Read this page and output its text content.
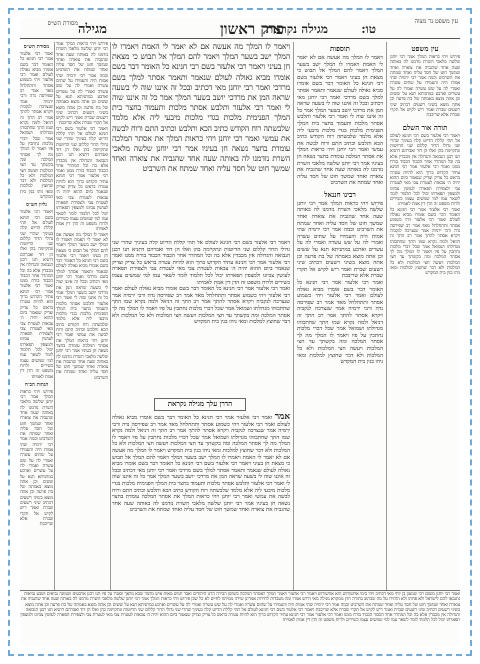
עין משפט נר מצוה
טו:
פרק ראשון
מגילה נקראת
מגילה
מסורת הש״ס
עין משפט
פירוש ויהי כראות המלך אמר רבי יוחנן שלשה מלאכי השרת נזדמנו לה באותה שעה אחד שהגביה את צוארה ואחד שמשך חוט של חסד עליה ואחד שמתח את השרביט וכמה אמר רבי ירמיה שתי אמות היה והעמידו על שתים עשרה ואמרי לה על שש עשרה ואמרי לה על עשרים וארבע במתניתא תנא על ששים וכן אתה מוצא באמתה של בת פרעה וכן אתה מוצא בשיני רשעים דכתיב שיני רשעים שברת ואמר ריש לקיש אל תקרי שברת אלא שריבבת
תורה אור השלם
ויאמר רבי אלעזר בשם רבי חנינא לעולם אל תהי קללת הדיוט קלה בעיניך שהרי שני גדולי הדור קללום שני הדיוטות ונתקיימה בהן ואלו הן דוד ואברהם דתניא תנו רבנן הנבואה והגדולה אין מכבדין אלא בה וכל המהדר אחר הכבוד הכבוד בורח ממנו ואמר רבי אלעזר אמר רבי חנינא עתיד הקדוש ברוך הוא להיות עטרה בראש כל צדיק וצדיק שנאמר ביום ההוא יהיה ה׳ צבאות לעטרת צבי מאי לעטרת צבי ולצפירת תפארה לעושין צביונו ולמצפין תפארתו יכול לכל תלמוד לומר לשאר עמו למי שמשים עצמו כשירים ולרוח משפט זה הדן דין אמת לאמיתו
ואמר רבי אלעזר אמר רבי חנינא כל האומר דבר בשם אומרו מביא גאולה לעולם ואמר רבי אלעזר ויהי כשמוע אסתר ותתחלחל מאד אמר רב שפירסה נדה ורבי ירמיה אמר שנצרכה לנקביה ויקרא אסתר להתך אמר רב התך זה דניאל ולמה נקרא שמו התך שחתכוהו מגדולתו ושמואל אמר שכל דברי מלכות נחתכין על פיו ויאמר לו המלך מה לך אסתר המלכה ומה בקשתך עד חצי המלכות ויעשה חצי המלכות ולא כל המלכות ולא דבר שחוצץ למלכות ומאי ניהו בנין בית המקדש
תוספות
ויאמר לו המלך מה אעשה אם לא יאמר לי האמת ויאמרו לו המלך ישב בשער המלך ויאמר להם המלך אל תבוש כי מצאת חן בעיני ויאמר רבי אלעזר בשם רבי חנינא כל האומר דבר בשם אומרו מביא גאולה לעולם שנאמר ותאמר אסתר למלך בשם מרדכי ואמר רבי יוחנן מאי דכתיב ובכל זה איננו שוה לי בשעה שראה המן את מרדכי יושב בשער המלך אמר כל זה איננו שוה לי ואמר רבי אלעזר ותלבש אסתר מלכות ותעמוד בחצר בית המלך הפנימית מלכות בגדי מלכות מיבעי ליה אלא מלמד שלבשתה רוח הקודש כתיב הכא ותלבש וכתיב התם ורוח לבשה את עמשי ואמר רבי יוחנן ויהי כראות המלך את אסתר המלכה עומדת בחצר נשאה חן בעיניו אמר רבי יוחנן שלשה מלאכי השרת נזדמנו לה באותה שעה אחד שהגביה את צוארה ואחד שמשך חוט של חסד עליה ואחד שמתח את השרביט
רבינו חננאל
פירוש ויהי כראות המלך אמר רבי יוחנן שלשה מלאכי השרת נזדמנו לה באותה שעה אחד שהגביה את צוארה ואחד שמשך חוט של חסד עליה ואחד שמתח את השרביט וכמה אמר רבי ירמיה שתי אמות היה והעמידו על שתים עשרה ואמרי לה על שש עשרה ואמרי לה על עשרים וארבע במתניתא תנא על ששים וכן אתה מוצא באמתה של בת פרעה וכן אתה מוצא בשיני רשעים דכתיב שיני רשעים שברת ואמר ריש לקיש אל תקרי שברת אלא שריבבת
ואמר רבי אלעזר אמר רבי חנינא כל האומר דבר בשם אומרו מביא גאולה לעולם ואמר רבי אלעזר ויהי כשמוע אסתר ותתחלחל מאד אמר רב שפירסה נדה ורבי ירמיה אמר שנצרכה לנקביה ויקרא אסתר להתך אמר רב התך זה דניאל ולמה נקרא שמו התך שחתכוהו מגדולתו ושמואל אמר שכל דברי מלכות נחתכין על פיו ויאמר לו המלך מה לך אסתר המלכה ומה בקשתך עד חצי המלכות ויעשה חצי המלכות ולא כל המלכות ולא דבר שחוצץ למלכות ומאי ניהו בנין בית המקדש
ויאמר לו המלך מה אעשה אם לא יאמר לי האמת ויאמרו לו המלך ישב בשער המלך ויאמר להם המלך אל תבוש כי מצאת חן בעיני ויאמר רבי אלעזר בשם רבי חנינא כל האומר דבר בשם אומרו מביא גאולה לעולם שנאמר ותאמר אסתר למלך בשם מרדכי ואמר רבי יוחנן מאי דכתיב ובכל זה איננו שוה לי בשעה שראה המן את מרדכי יושב בשער המלך אמר כל זה איננו שוה לי ואמר רבי אלעזר ותלבש אסתר מלכות ותעמוד בחצר בית המלך הפנימית מלכות בגדי מלכות מיבעי ליה אלא מלמד שלבשתה רוח הקודש כתיב הכא ותלבש וכתיב התם ורוח לבשה את עמשי ואמר רבי יוחנן ויהי כראות המלך את אסתר המלכה עומדת בחצר נשאה חן בעיניו אמר רבי יוחנן שלשה מלאכי השרת נזדמנו לה באותה שעה אחד שהגביה את צוארה ואחד שמשך חוט של חסד עליה ואחד שמתח את השרביט
ויאמר רבי אלעזר בשם רבי חנינא לעולם אל תהי קללת הדיוט קלה בעיניך שהרי שני גדולי הדור קללום שני הדיוטות ונתקיימה בהן ואלו הן דוד ואברהם דתניא תנו רבנן הנבואה והגדולה אין מכבדין אלא בה וכל המהדר אחר הכבוד הכבוד בורח ממנו ואמר רבי אלעזר אמר רבי חנינא עתיד הקדוש ברוך הוא להיות עטרה בראש כל צדיק וצדיק שנאמר ביום ההוא יהיה ה׳ צבאות לעטרת צבי מאי לעטרת צבי ולצפירת תפארה לעושין צביונו ולמצפין תפארתו יכול לכל תלמוד לומר לשאר עמו למי שמשים עצמו כשירים ולרוח משפט זה הדן דין אמת לאמיתו
ואמר רבי אלעזר אמר רבי חנינא כל האומר דבר בשם אומרו מביא גאולה לעולם ואמר רבי אלעזר ויהי כשמוע אסתר ותתחלחל מאד אמר רב שפירסה נדה ורבי ירמיה אמר שנצרכה לנקביה ויקרא אסתר להתך אמר רב התך זה דניאל ולמה נקרא שמו התך שחתכוהו מגדולתו ושמואל אמר שכל דברי מלכות נחתכין על פיו ויאמר לו המלך מה לך אסתר המלכה ומה בקשתך עד חצי המלכות ויעשה חצי המלכות ולא כל המלכות ולא דבר שחוצץ למלכות ומאי ניהו בנין בית המקדש
הדרן עלך מגילה נקראת
אמר ואמר רבי אלעזר אמר רבי חנינא כל האומר דבר בשם אומרו מביא גאולה לעולם ואמר רבי אלעזר ויהי כשמוע אסתר ותתחלחל מאד אמר רב שפירסה נדה ורבי ירמיה אמר שנצרכה לנקביה ויקרא אסתר להתך אמר רב התך זה דניאל ולמה נקרא שמו התך שחתכוהו מגדולתו ושמואל אמר שכל דברי מלכות נחתכין על פיו ויאמר לו המלך מה לך אסתר המלכה ומה בקשתך עד חצי המלכות ויעשה חצי המלכות ולא כל המלכות ולא דבר שחוצץ למלכות ומאי ניהו בנין בית המקדש ויאמר לו המלך מה אעשה אם לא יאמר לי האמת ויאמרו לו המלך ישב בשער המלך ויאמר להם המלך אל תבוש כי מצאת חן בעיני ויאמר רבי אלעזר בשם רבי חנינא כל האומר דבר בשם אומרו מביא גאולה לעולם שנאמר ותאמר אסתר למלך בשם מרדכי ואמר רבי יוחנן מאי דכתיב ובכל זה איננו שוה לי בשעה שראה המן את מרדכי יושב בשער המלך אמר כל זה איננו שוה לי ואמר רבי אלעזר ותלבש אסתר מלכות ותעמוד בחצר בית המלך הפנימית מלכות בגדי מלכות מיבעי ליה אלא מלמד שלבשתה רוח הקודש כתיב הכא ותלבש וכתיב התם ורוח לבשה את עמשי ואמר רבי יוחנן ויהי כראות המלך את אסתר המלכה עומדת בחצר נשאה חן בעיניו אמר רבי יוחנן שלשה מלאכי השרת נזדמנו לה באותה שעה אחד שהגביה את צוארה ואחד שמשך חוט של חסד עליה ואחד שמתח את השרביט
פירוש ויהי כראות המלך אמר רבי יוחנן שלשה מלאכי השרת נזדמנו לה באותה שעה אחד שהגביה את צוארה ואחד שמשך חוט של חסד עליה ואחד שמתח את השרביט וכמה אמר רבי ירמיה שתי אמות היה והעמידו על שתים עשרה ואמרי לה על שש עשרה ואמרי לה על עשרים וארבע במתניתא תנא על ששים וכן אתה מוצא באמתה של בת פרעה וכן אתה מוצא בשיני רשעים דכתיב שיני רשעים שברת ואמר ריש לקיש אל תקרי שברת אלא שריבבת
ויאמר רבי אלעזר בשם רבי חנינא לעולם אל תהי קללת הדיוט קלה בעיניך שהרי שני גדולי הדור קללום שני הדיוטות ונתקיימה בהן ואלו הן דוד ואברהם דתניא תנו רבנן הנבואה והגדולה אין מכבדין אלא בה וכל המהדר אחר הכבוד הכבוד בורח ממנו ואמר רבי אלעזר אמר רבי חנינא עתיד הקדוש ברוך הוא להיות עטרה בראש כל צדיק וצדיק שנאמר ביום ההוא יהיה ה׳ צבאות לעטרת צבי מאי לעטרת צבי ולצפירת תפארה לעושין צביונו ולמצפין תפארתו יכול לכל תלמוד לומר לשאר עמו למי שמשים עצמו כשירים ולרוח משפט זה הדן דין אמת לאמיתו
ויאמר לו המלך מה אעשה אם לא יאמר לי האמת ויאמרו לו המלך ישב בשער המלך ויאמר להם המלך אל תבוש כי מצאת חן בעיני ויאמר רבי אלעזר בשם רבי חנינא כל האומר דבר בשם אומרו מביא גאולה לעולם שנאמר ותאמר אסתר למלך בשם מרדכי ואמר רבי יוחנן מאי דכתיב ובכל זה איננו שוה לי בשעה שראה המן את מרדכי יושב בשער המלך אמר כל זה איננו שוה לי ואמר רבי אלעזר ותלבש אסתר מלכות ותעמוד בחצר בית המלך הפנימית מלכות בגדי מלכות מיבעי ליה אלא מלמד שלבשתה רוח הקודש כתיב הכא ותלבש וכתיב התם ורוח לבשה את עמשי ואמר רבי יוחנן ויהי כראות המלך את אסתר המלכה עומדת בחצר נשאה חן בעיניו אמר רבי יוחנן שלשה מלאכי השרת נזדמנו לה באותה שעה אחד שהגביה את צוארה ואחד שמשך חוט של חסד עליה ואחד שמתח את השרביט
מסורת הש״ס
ואמר רבי אלעזר אמר רבי חנינא כל האומר דבר בשם אומרו מביא גאולה לעולם ואמר רבי אלעזר ויהי כשמוע אסתר ותתחלחל מאד אמר רב שפירסה נדה ורבי ירמיה אמר שנצרכה לנקביה ויקרא אסתר להתך אמר רב התך זה דניאל ולמה נקרא שמו התך שחתכוהו מגדולתו ושמואל אמר שכל דברי מלכות נחתכין על פיו ויאמר לו המלך מה לך אסתר המלכה ומה בקשתך עד חצי המלכות ויעשה חצי המלכות ולא כל המלכות ולא דבר שחוצץ למלכות ומאי ניהו בנין בית המקדש
גליון הש״ס
ויאמר רבי אלעזר בשם רבי חנינא לעולם אל תהי קללת הדיוט קלה בעיניך שהרי שני גדולי הדור קללום שני הדיוטות ונתקיימה בהן ואלו הן דוד ואברהם דתניא תנו רבנן הנבואה והגדולה אין מכבדין אלא בה וכל המהדר אחר הכבוד הכבוד בורח ממנו ואמר רבי אלעזר אמר רבי חנינא עתיד הקדוש ברוך הוא להיות עטרה בראש כל צדיק וצדיק שנאמר ביום ההוא יהיה ה׳ צבאות לעטרת צבי מאי לעטרת צבי ולצפירת תפארה לעושין צביונו ולמצפין תפארתו יכול לכל תלמוד לומר לשאר עמו למי שמשים עצמו כשירים ולרוח משפט זה הדן דין אמת לאמיתו
הגהות הב״ח
פירוש ויהי כראות המלך אמר רבי יוחנן שלשה מלאכי השרת נזדמנו לה באותה שעה אחד שהגביה את צוארה ואחד שמשך חוט של חסד עליה ואחד שמתח את השרביט וכמה אמר רבי ירמיה שתי אמות היה והעמידו על שתים עשרה ואמרי לה על שש עשרה ואמרי לה על עשרים וארבע במתניתא תנא על ששים וכן אתה מוצא באמתה של בת פרעה וכן אתה מוצא בשיני רשעים דכתיב שיני רשעים שברת ואמר ריש לקיש אל תקרי שברת אלא שריבבת
ואמר רבי יוחנן משום רבי שמעון בן יוחי מאי דכתיב ויהי בימי אחשורוש הוא אחשורוש ויאמר רבי אלעזר ויאמר המלך לאסתר המלכה בשושן הבירה הרגו היהודים ואבד חמש מאות איש מלמד שבא מלאך וסטרו על פיו תנו רבנן ארבעים ושמונה נביאים ושבע נביאות נתנבאו להם לישראל ולא פחתו ולא הותירו על מה שכתוב בתורה חוץ ממקרא מגילה מאי דרוש אמרו ומה מעבדות לחירות אמרינן שירה ממיתה לחיים לא כל שכן פירוש ויהי כראות המלך אמר רבי יוחנן שלשה מלאכי השרת נזדמנו לה באותה שעה אחד שהגביה את צוארה ואחד שמשך חוט של חסד עליה ואחד שמתח את השרביט וכמה אמר רבי ירמיה שתי אמות היה והעמידו על שתים עשרה ואמרי לה על שש עשרה ואמרי לה על עשרים וארבע במתניתא תנא על ששים וכן אתה מוצא באמתה של בת פרעה וכן אתה מוצא בשיני רשעים דכתיב שיני רשעים שברת ואמר ריש לקיש אל תקרי שברת אלא שריבבת ויאמר רבי אלעזר בשם רבי חנינא לעולם אל תהי קללת הדיוט קלה בעיניך שהרי שני גדולי הדור קללום שני הדיוטות ונתקיימה בהן ואלו הן דוד ואברהם דתניא תנו רבנן הנבואה והגדולה אין מכבדין אלא בה וכל המהדר אחר הכבוד הכבוד בורח ממנו ואמר רבי אלעזר אמר רבי חנינא עתיד הקדוש ברוך הוא להיות עטרה בראש כל צדיק וצדיק שנאמר ביום ההוא יהיה ה׳ צבאות לעטרת צבי מאי לעטרת צבי ולצפירת תפארה לעושין צביונו ולמצפין תפארתו יכול לכל תלמוד לומר לשאר עמו למי שמשים עצמו כשירים ולרוח משפט זה הדן דין אמת לאמיתו
